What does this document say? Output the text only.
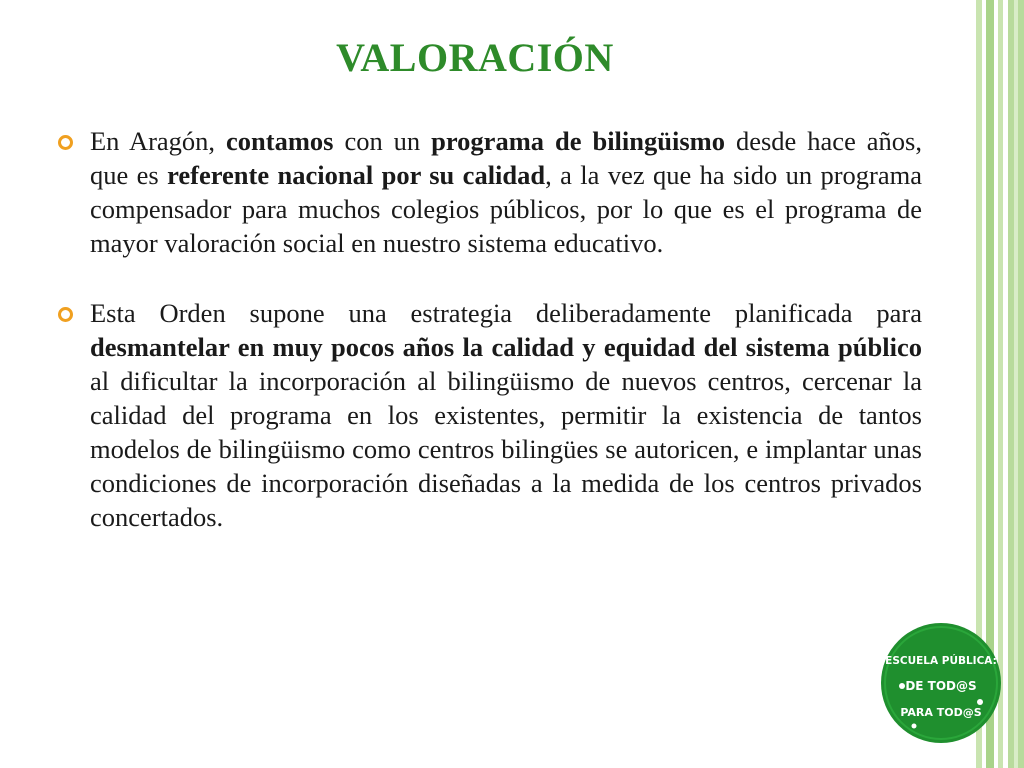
VALORACIÓN
En Aragón, contamos con un programa de bilingüismo desde hace años, que es referente nacional por su calidad, a la vez que ha sido un programa compensador para muchos colegios públicos, por lo que es el programa de mayor valoración social en nuestro sistema educativo.
Esta Orden supone una estrategia deliberadamente planificada para desmantelar en muy pocos años la calidad y equidad del sistema público al dificultar la incorporación al bilingüismo de nuevos centros, cercenar la calidad del programa en los existentes, permitir la existencia de tantos modelos de bilingüismo como centros bilingües se autoricen, e implantar unas condiciones de incorporación diseñadas a la medida de los centros privados concertados.
ESCUELA PÚBLICA:
DE TOD@S
PARA TOD@S
